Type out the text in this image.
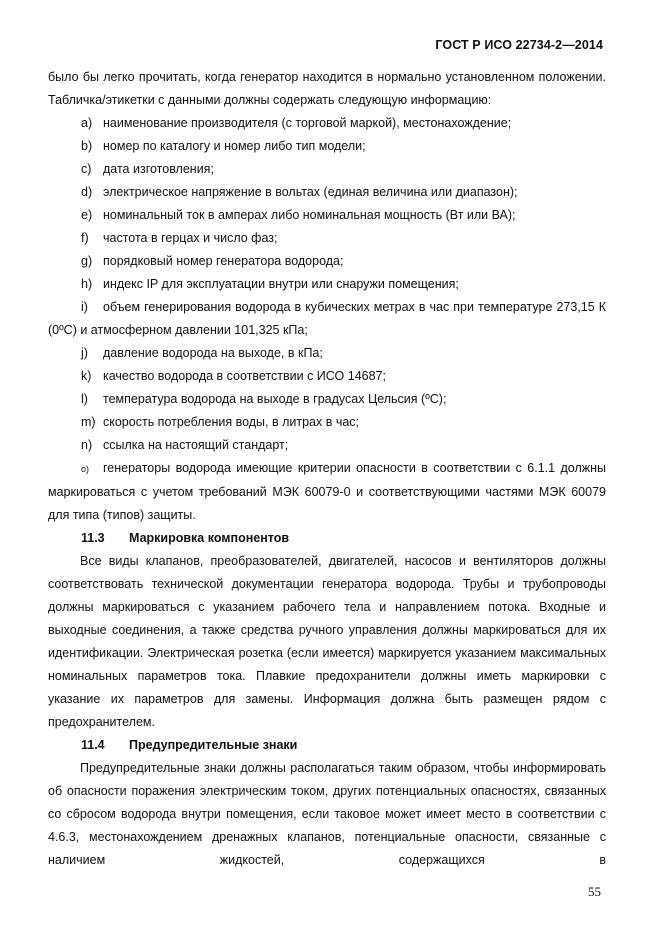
ГОСТ Р ИСО 22734-2—2014

было бы легко прочитать, когда генератор находится в нормально установленном положении. Табличка/этикетки с данными должны содержать следующую информацию:

a) наименование производителя (с торговой маркой), местонахождение;
b) номер по каталогу и номер либо тип модели;
c) дата изготовления;
d) электрическое напряжение в вольтах (единая величина или диапазон);
e) номинальный ток в амперах либо номинальная мощность (Вт или ВА);
f)	частота в герцах и число фаз;
g) порядковый номер генератора водорода;
h) индекс IP для эксплуатации внутри или снаружи помещения;

i) объем генерирования водорода в кубических метрах в час при температуре 273,15 К (0ºС) и атмосферном давлении 101,325 кПа;

j)	давление водорода на выходе, в кПа;
k) качество водорода в соответствии с ИСО 14687;
l)	температура водорода на выходе в градусах Цельсия (ºС);
m) скорость потребления воды, в литрах в час;
n) ссылка на настоящий стандарт;

o) генераторы водорода имеющие критерии опасности в соответствии с 6.1.1 должны маркироваться с учетом требований МЭК 60079-0 и соответствующими частями МЭК 60079 для типа (типов) защиты.

11.3	Маркировка компонентов

Все виды клапанов, преобразователей, двигателей, насосов и вентиляторов должны соответствовать технической документации генератора водорода. Трубы и трубопроводы должны маркироваться с указанием рабочего тела и направлением потока. Входные и выходные соединения, а также средства ручного управления должны маркироваться для их идентификации. Электрическая розетка (если имеется) маркируется указанием максимальных номинальных параметров тока. Плавкие предохранители должны иметь маркировки с указание их параметров для замены. Информация должна быть размещен рядом с предохранителем.

11.4	Предупредительные знаки

Предупредительные знаки должны располагаться таким образом, чтобы информировать об опасности поражения электрическим током, других потенциальных опасностях, связанных со сбросом водорода внутри помещения, если таковое может имеет место в соответствии с 4.6.3, местонахождением дренажных клапанов, потенциальные опасности, связанные с наличием жидкостей, содержащихся в

55
